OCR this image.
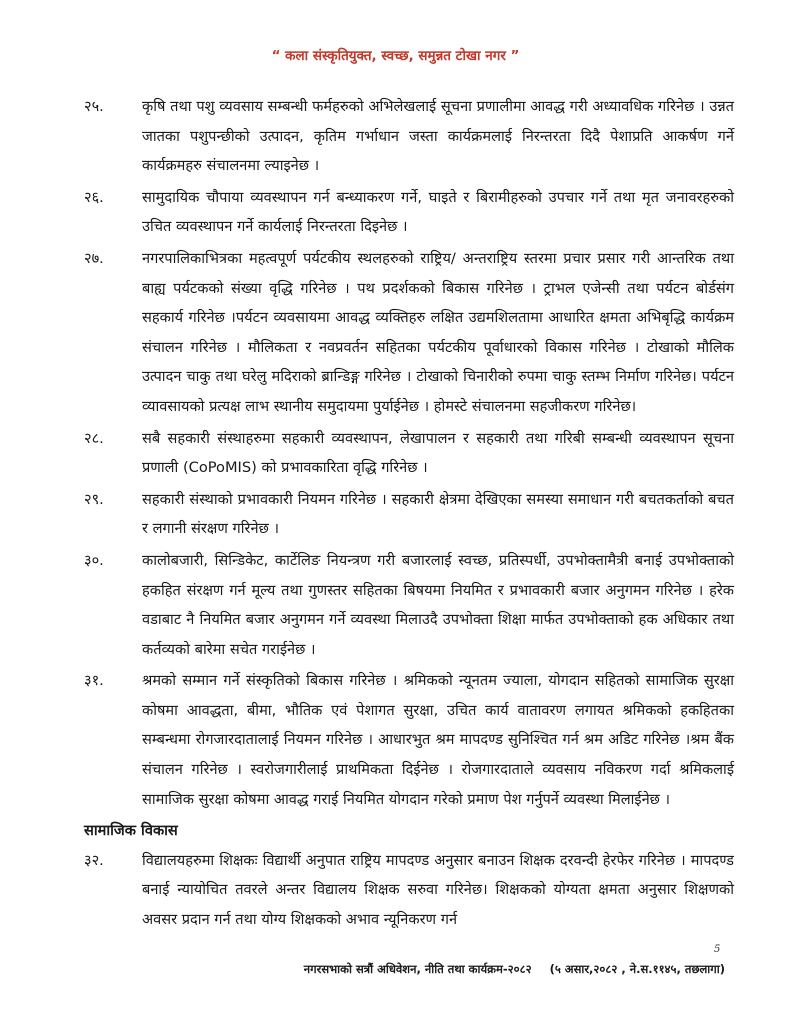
“ कला संस्कृतियुक्त, स्वच्छ, समुन्नत टोखा नगर ”
२५.	कृषि तथा पशु व्यवसाय सम्बन्धी फर्महरुको अभिलेखलाई सूचना प्रणालीमा आवद्ध गरी अध्यावधिक गरिनेछ । उन्नत जातका पशुपन्छीको उत्पादन, कृतिम गर्भाधान जस्ता कार्यक्रमलाई निरन्तरता दिदै पेशाप्रति आकर्षण गर्ने कार्यक्रमहरु संचालनमा ल्याइनेछ ।
२६.	सामुदायिक चौपाया व्यवस्थापन गर्न बन्ध्याकरण गर्ने, घाइते र बिरामीहरुको उपचार गर्ने तथा मृत जनावरहरुको उचित व्यवस्थापन गर्ने कार्यलाई निरन्तरता दिइनेछ ।
२७.	नगरपालिकाभित्रका महत्वपूर्ण पर्यटकीय स्थलहरुको राष्ट्रिय/ अन्तराष्ट्रिय स्तरमा प्रचार प्रसार गरी आन्तरिक तथा बाह्य पर्यटकको संख्या वृद्धि गरिनेछ । पथ प्रदर्शकको बिकास गरिनेछ । ट्राभल एजेन्सी तथा पर्यटन बोर्डसंग सहकार्य गरिनेछ ।पर्यटन व्यवसायमा आवद्ध व्यक्तिहरु लक्षित उद्यमशिलतामा आधारित क्षमता अभिबृद्धि कार्यक्रम संचालन गरिनेछ । मौलिकता र नवप्रवर्तन सहितका पर्यटकीय पूर्वाधारको विकास गरिनेछ । टोखाको मौलिक उत्पादन चाकु तथा घरेलु मदिराको ब्रान्डिङ्ग गरिनेछ । टोखाको चिनारीको रुपमा चाकु स्तम्भ निर्माण गरिनेछ। पर्यटन व्यावसायको प्रत्यक्ष लाभ स्थानीय समुदायमा पुर्याईनेछ । होमस्टे संचालनमा सहजीकरण गरिनेछ।
२८.	सबै सहकारी संस्थाहरुमा सहकारी व्यवस्थापन, लेखापालन र सहकारी तथा गरिबी सम्बन्धी व्यवस्थापन सूचना प्रणाली (CoPoMIS) को प्रभावकारिता वृद्धि गरिनेछ ।
२९.	सहकारी संस्थाको प्रभावकारी नियमन गरिनेछ । सहकारी क्षेत्रमा देखिएका समस्या समाधान गरी बचतकर्ताको बचत र लगानी संरक्षण गरिनेछ ।
३०.	कालोबजारी, सिन्डिकेट, कार्टेलिङ नियन्त्रण गरी बजारलाई स्वच्छ, प्रतिस्पर्धी, उपभोक्तामैत्री बनाई उपभोक्ताको हकहित संरक्षण गर्न मूल्य तथा गुणस्तर सहितका बिषयमा नियमित र प्रभावकारी बजार अनुगमन गरिनेछ । हरेक वडाबाट नै नियमित बजार अनुगमन गर्ने व्यवस्था मिलाउदै उपभोक्ता शिक्षा मार्फत उपभोक्ताको हक अधिकार तथा कर्तव्यको बारेमा सचेत गराईनेछ ।
३१.	श्रमको सम्मान गर्ने संस्कृतिको बिकास गरिनेछ । श्रमिकको न्यूनतम ज्याला, योगदान सहितको सामाजिक सुरक्षा कोषमा आवद्धता, बीमा, भौतिक एवं पेशागत सुरक्षा, उचित कार्य वातावरण लगायत श्रमिकको हकहितका सम्बन्धमा रोगजारदातालाई नियमन गरिनेछ । आधारभुत श्रम मापदण्ड सुनिश्चित गर्न श्रम अडिट गरिनेछ ।श्रम बैंक संचालन गरिनेछ । स्वरोजगारीलाई प्राथमिकता दिईनेछ । रोजगारदाताले व्यवसाय नविकरण गर्दा श्रमिकलाई सामाजिक सुरक्षा कोषमा आवद्ध गराई नियमित योगदान गरेको प्रमाण पेश गर्नुपर्ने व्यवस्था मिलाईनेछ ।
सामाजिक विकास
३२.	विद्यालयहरुमा शिक्षकः विद्यार्थी अनुपात राष्ट्रिय मापदण्ड अनुसार बनाउन शिक्षक दरवन्दी हेरफेर गरिनेछ । मापदण्ड बनाई न्यायोचित तवरले अन्तर विद्यालय शिक्षक सरुवा गरिनेछ। शिक्षकको योग्यता क्षमता अनुसार शिक्षणको अवसर प्रदान गर्न तथा योग्य शिक्षकको अभाव न्यूनिकरण गर्न
5
नगरसभाको सत्रौं अधिवेशन, नीति तथा कार्यक्रम-२०८२ (५ असार,२०८२ , ने.स.११४५, तछलागा)
